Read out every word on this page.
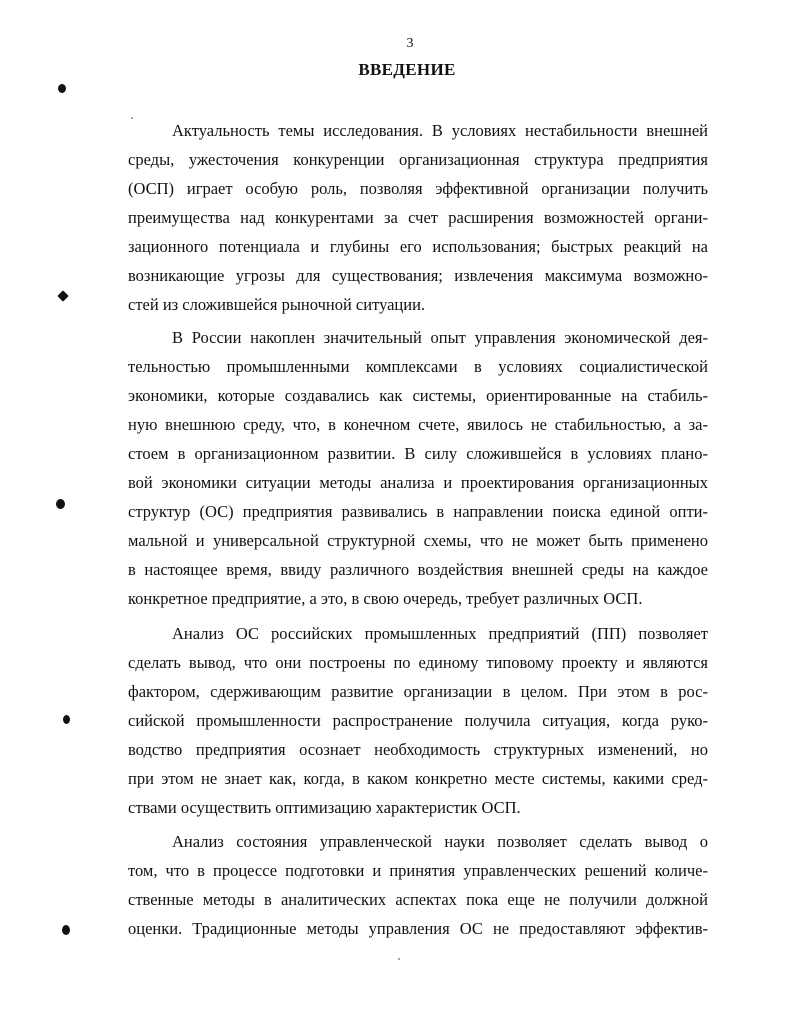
3
ВВЕДЕНИЕ
Актуальность темы исследования. В условиях нестабильности внешней
среды, ужесточения конкуренции организационная структура предприятия
(ОСП) играет особую роль, позволяя эффективной организации получить
преимущества над конкурентами за счет расширения возможностей органи-
зационного потенциала и глубины его использования; быстрых реакций на
возникающие угрозы для существования; извлечения максимума возможно-
стей из сложившейся рыночной ситуации.
В России накоплен значительный опыт управления экономической дея-
тельностью промышленными комплексами в условиях социалистической
экономики, которые создавались как системы, ориентированные на стабиль-
ную внешнюю среду, что, в конечном счете, явилось не стабильностью, а за-
стоем в организационном развитии. В силу сложившейся в условиях плано-
вой экономики ситуации методы анализа и проектирования организационных
структур (ОС) предприятия развивались в направлении поиска единой опти-
мальной и универсальной структурной схемы, что не может быть применено
в настоящее время, ввиду различного воздействия внешней среды на каждое
конкретное предприятие, а это, в свою очередь, требует различных ОСП.
Анализ ОС российских промышленных предприятий (ПП) позволяет
сделать вывод, что они построены по единому типовому проекту и являются
фактором, сдерживающим развитие организации в целом. При этом в рос-
сийской промышленности распространение получила ситуация, когда руко-
водство предприятия осознает необходимость структурных изменений, но
при этом не знает как, когда, в каком конкретно месте системы, какими сред-
ствами осуществить оптимизацию характеристик ОСП.
Анализ состояния управленческой науки позволяет сделать вывод о
том, что в процессе подготовки и принятия управленческих решений количе-
ственные методы в аналитических аспектах пока еще не получили должной
оценки. Традиционные методы управления ОС не предоставляют эффектив-
